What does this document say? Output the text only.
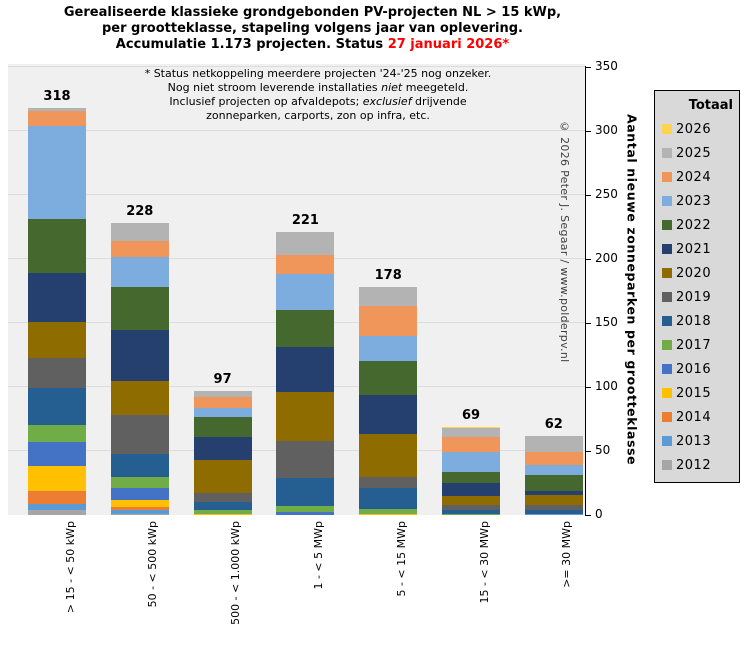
Gerealiseerde klassieke grondgebonden PV-projecten NL > 15 kWp,
per grootteklasse, stapeling volgens jaar van oplevering.
Accumulatie 1.173 projecten. Status 27 januari 2026*
* Status netkoppeling meerdere projecten '24-'25 nog onzeker.
Nog niet stroom leverende installaties niet meegeteld.
Inclusief projecten op afvaldepots; exclusief drijvende
zonneparken, carports, zon op infra, etc.
318
228
97
221
178
69
62
© 2026 Peter J. Segaar / www.polderpv.nl
0
50
100
150
200
250
300
350
Aantal nieuwe zonneparken per grootteklasse
Totaal
2026
2025
2024
2023
2022
2021
2020
2019
2018
2017
2016
2015
2014
2013
2012
> 15 - < 50 kWp	50 - < 500 kWp	500 - < 1.000 kWp	1 - < 5 MWp	5 - < 15 MWp	15 - < 30 MWp	>= 30 MWp
